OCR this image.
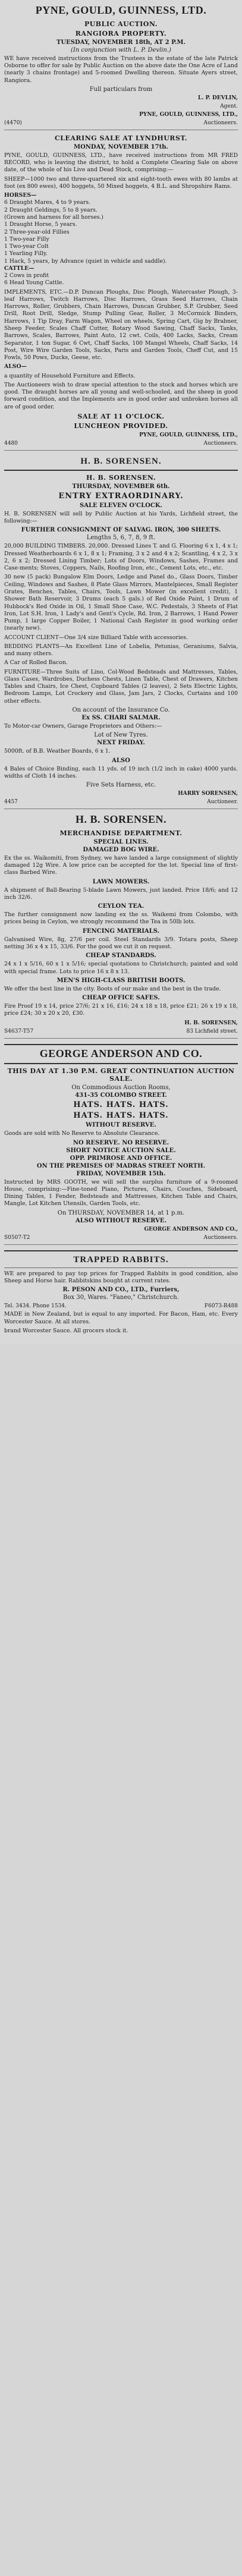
PYNE, GOULD, GUINNESS, LTD.
PUBLIC AUCTION.
RANGIORA PROPERTY.
TUESDAY, NOVEMBER 18th, AT 2 P.M.
(In conjunction with L. P. Devlin.)

WE have received instructions from the Trustees in the estate of the late Patrick Osborne to offer for sale by Public Auction on the above date the One Acre of Land (nearly 3 chains frontage) and 5-roomed Dwelling thereon. Situate Ayers street, Rangiora.

Full particulars from
L. P. DEVLIN,
Agent.
PYNE, GOULD, GUINNESS, LTD.,
(4470)	Auctioneers.
CLEARING SALE AT LYNDHURST.
MONDAY, NOVEMBER 17th.

PYNE, GOULD, GUINNESS, LTD., have received instructions from MR FRED RECORD, who is leaving the district, to hold a Complete Clearing Sale on above date, of the whole of his Live and Dead Stock, comprising:—

SHEEP—1000 two and three-quartered six and eight-tooth ewes with 80 lambs at foot (ex 800 ewes), 400 hoggets, 50 Mixed hoggets, 4 B.L. and Shropshire Rams.

HORSES—
6 Draught Mares, 4 to 9 years.
2 Draught Geldings, 5 to 8 years.
(Grown and harness for all horses.)
1 Draught Horse, 5 years.
2 Three-year-old Fillies
1 Two-year Filly
1 Two-year Colt
1 Yearling Filly.
1 Hack, 5 years, by Advance (quiet in vehicle and saddle).
CATTLE—
2 Cows in profit
6 Head Young Cattle.

IMPLEMENTS, ETC.—D.P. Duncan Ploughs, Disc Plough, Watercaster Plough, 3-leaf Harrows, Twitch Harrows, Disc Harrows, Grass Seed Harrows, Chain Harrows, Roller, Grubbers, Chain Harrows, Duncan Grubber, S.P. Grubber, Seed Drill, Root Drill, Sledge, Stump Pulling Gear, Roller, 3 McCormick Binders, Harrows, 1 Tip Dray, Farm Wagon, Wheel on wheels, Spring Cart, Gig by Brabner, Sheep Feeder, Scales Chaff Cutter, Rotary Wood Sawing, Chaff Sacks, Tanks, Barrows, Scales, Barrows, Paint Auto, 12 cwt. Coils, 400 Lacks, Sacks, Cream Separator, 1 ton Sugar, 6 Cwt, Chaff Sacks, 100 Mangel Wheels, Chaff Sacks, 14 Post, Wire Wire Garden Tools, Sacks, Paris and Garden Tools, Cheff Cut, and 15 Fowls, 50 Pows, Ducks, Geese, etc.

ALSO—

a quantity of Household Furniture and Effects.

The Auctioneers wish to draw special attention to the stock and horses which are good. The draught horses are all young and well-schooled, and the sheep in good forward condition, and the Implements are in good order and unbroken horses all are of good order.

SALE AT 11 O'CLOCK.
LUNCHEON PROVIDED.
PYNE, GOULD, GUINNESS, LTD.,
4480	Auctioneers.
H. B. SORENSEN.
H. B. SORENSEN.
THURSDAY, NOVEMBER 6th.
ENTRY EXTRAORDINARY.
SALE ELEVEN O'CLOCK.

H. B. SORENSEN will sell by Public Auction at his Yards, Lichfield street, the following:—

FURTHER CONSIGNMENT OF SALVAG. IRON, 300 SHEETS.
Lengths 5, 6, 7, 8, 9 ft.

20,000 BUILDING TIMBERS. 20,000. Dressed Lines T. and G. Flooring 6 x 1, 4 x 1; Dressed Weatherboards 6 x 1, 8 x 1; Framing, 3 x 2 and 4 x 2; Scantling, 4 x 2, 3 x 2, 6 x 2; Dressed Lining Timber; Lots of Doors, Windows, Sashes, Frames and Case-ments; Stoves, Coppers, Nails, Roofing Iron, etc., Cement Lots, etc., etc.

30 new (5 pack) Bungalow Elm Doors, Ledge and Panel do., Glass Doors, Timber Ceiling, Windows and Sashes, 8 Plate Glass Mirrors, Mantelpieces, Small Register Grates, Benches, Tables, Chairs, Tools, Lawn Mower (in excellent credit), 1 Shower Bath Reservoir, 3 Drums (each 5 gals.) of Red Oxide Paint, 1 Drum of Hubbock's Red Oxide in Oil, 1 Small Shoe Case, W.C. Pedestals, 3 Sheets of Flat Iron, Lot S.H. Iron, 1 Lady's and Gent's Cycle, Rd. Iron, 2 Barrows, 1 Hand Power Pump, 1 large Copper Boiler, 1 National Cash Register in good working order (nearly new).

ACCOUNT CLIENT—One 3/4 size Billiard Table with accessories.

BEDDING PLANTS—An Excellent Line of Lobelia, Petunias, Geraniums, Salvia, and many others.

A Car of Rolled Bacon.

FURNITURE—Three Suits of Lino, Col-Wood Bedsteads and Mattresses, Tables, Glass Cases, Wardrobes, Duchess Chests, Linen Table, Chest of Drawers, Kitchen Tables and Chairs, Ice Chest, Cupboard Tables (2 leaves), 2 Sets Electric Lights, Bedroom Lamps, Lot Crockery and Glass, Jam Jars, 2 Clocks, Curtains and 100 other effects.

On account of the Insurance Co.
Ex SS. CHARI SALMAR.

To Motor-car Owners, Garage Proprietors and Others:—

Lot of New Tyres.
NEXT FRIDAY.

5000ft. of B.B. Weather Boards, 6 x 1.

ALSO

4 Bales of Choice Binding, each 11 yds. of 19 inch (1/2 inch in cake) 4000 yards. widths of Cloth 14 inches.

Five Sets Harness, etc.
HARRY SORENSEN,
4457	Auctioneer.
H. B. SORENSEN.
MERCHANDISE DEPARTMENT.
SPECIAL LINES.
DAMAGED BOG WIRE.

Ex the ss. Waikomiti, from Sydney, we have landed a large consignment of slightly damaged 12g Wire. A low price can be accepted for the lot. Special line of first-class Barbed Wire.

LAWN MOWERS.

A shipment of Ball-Bearing 5-blade Lawn Mowers, just landed. Price 18/6; and 12 inch 32/6.

CEYLON TEA.

The further consignment now landing ex the ss. Waikemi from Colombo, with prices being in Ceylon, we strongly recommend the Tea in 50lb lots.

FENCING MATERIALS.

Galvanised Wire, 8g, 27/6 per coil. Steel Standards 3/9. Totara posts, Sheep netting 36 x 4 x 15, 33/6. For the good we cut it on request.

CHEAP STANDARDS.

24 x 1 x 5/16, 60 x 1 x 5/16; special quotations to Christchurch; painted and sold with special frame. Lots to price 16 x 8 x 13.

MEN'S HIGH-CLASS BRITISH BOOTS.

We offer the best line in the city. Boots of our make and the best in the trade.

CHEAP OFFICE SAFES.

Fire Proof 19 x 14, price 27/6; 21 x 16, £16; 24 x 18 x 18, price £21; 26 x 19 x 18, price £24; 30 x 20 x 20, £30.

H. B. SORENSEN,
S4637-T57	83 Lichfield street.
GEORGE ANDERSON AND CO.
THIS DAY AT 1.30 P.M. GREAT CONTINUATION AUCTION SALE.
On Commodious Auction Rooms,
431-35 COLOMBO STREET.
HATS. HATS. HATS.
HATS. HATS. HATS.
WITHOUT RESERVE.

Goods are sold with No Reserve to Absolute Clearance.

NO RESERVE. NO RESERVE.
SHORT NOTICE AUCTION SALE.
OPP. PRIMROSE AND OFFICE.
ON THE PREMISES OF MADRAS STREET NORTH.
FRIDAY, NOVEMBER 15th.

Instructed by MRS GOOTH, we will sell the surplus furniture of a 9-roomed House, comprising:—Fine-toned Piano, Pictures, Chairs, Couches, Sideboard, Dining Tables, 1 Fender, Bedsteads and Mattresses, Kitchen Table and Chairs, Mangle, Lot Kitchen Utensils, Garden Tools, etc.

On THURSDAY, NOVEMBER 14, at 1 p.m.
ALSO WITHOUT RESERVE.
GEORGE ANDERSON AND CO.,
S0507-T2	Auctioneers.
TRAPPED RABBITS.

WE are prepared to pay top prices for Trapped Rabbits in good condition, also Sheep and Horse hair. Rabbitskins bought at current rates.

R. PESON AND CO., LTD., Furriers,
Box 30, Wares. "Faneo," Christchurch.
Tel. 3434. Phone 1534.	F6073-R488

MADE in New Zealand, but is equal to any imported. For Bacon, Ham, etc. Every Worcester Sauce. At all stores.

brand Worcester Sauce. All grocers stock it.
